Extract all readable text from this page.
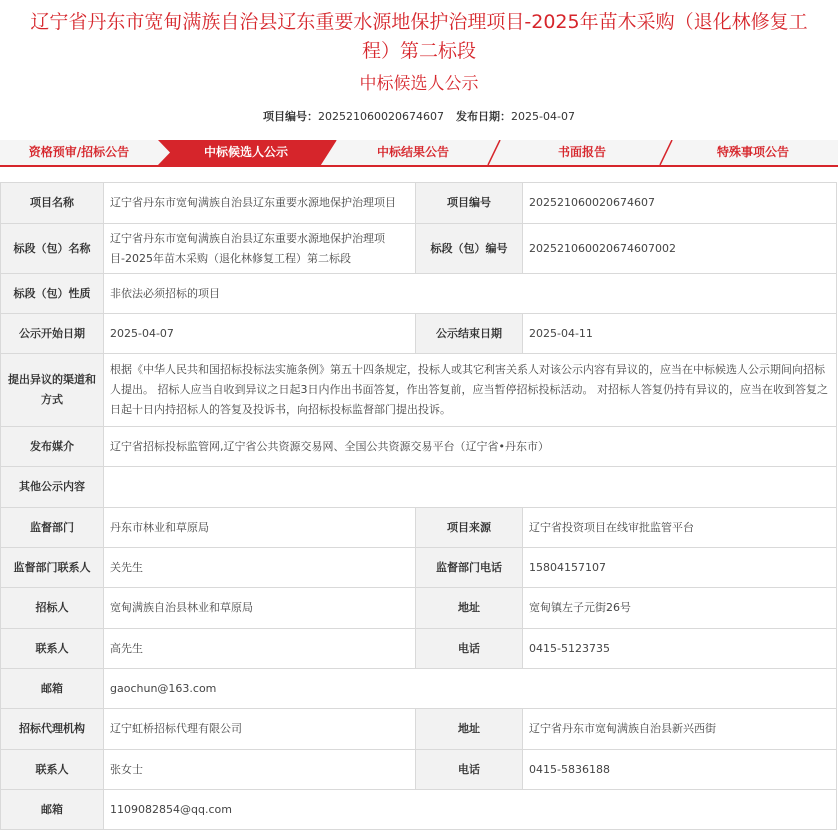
辽宁省丹东市宽甸满族自治县辽东重要水源地保护治理项目-2025年苗木采购（退化林修复工程）第二标段
中标候选人公示
项目编号：202521060020674607 发布日期：2025-04-07
资格预审/招标公告	中标候选人公示	中标结果公告	书面报告	特殊事项公告
项目名称	辽宁省丹东市宽甸满族自治县辽东重要水源地保护治理项目	项目编号	202521060020674607
标段（包）名称	辽宁省丹东市宽甸满族自治县辽东重要水源地保护治理项目-2025年苗木采购（退化林修复工程）第二标段	标段（包）编号	202521060020674607002
标段（包）性质	非依法必须招标的项目		
公示开始日期	2025-04-07	公示结束日期	2025-04-11
提出异议的渠道和方式	根据《中华人民共和国招标投标法实施条例》第五十四条规定，投标人或其它利害关系人对该公示内容有异议的，应当在中标候选人公示期间向招标人提出。 招标人应当自收到异议之日起3日内作出书面答复，作出答复前，应当暂停招标投标活动。 对招标人答复仍持有异议的，应当在收到答复之日起十日内持招标人的答复及投诉书，向招标投标监督部门提出投诉。		
发布媒介	辽宁省招标投标监管网,辽宁省公共资源交易网、全国公共资源交易平台（辽宁省•丹东市）		
其他公示内容			
监督部门	丹东市林业和草原局	项目来源	辽宁省投资项目在线审批监管平台
监督部门联系人	关先生	监督部门电话	15804157107
招标人	宽甸满族自治县林业和草原局	地址	宽甸镇左子元街26号
联系人	高先生	电话	0415-5123735
邮箱	gaochun@163.com		
招标代理机构	辽宁虹桥招标代理有限公司	地址	辽宁省丹东市宽甸满族自治县新兴西街
联系人	张女士	电话	0415-5836188
邮箱	1109082854@qq.com		
